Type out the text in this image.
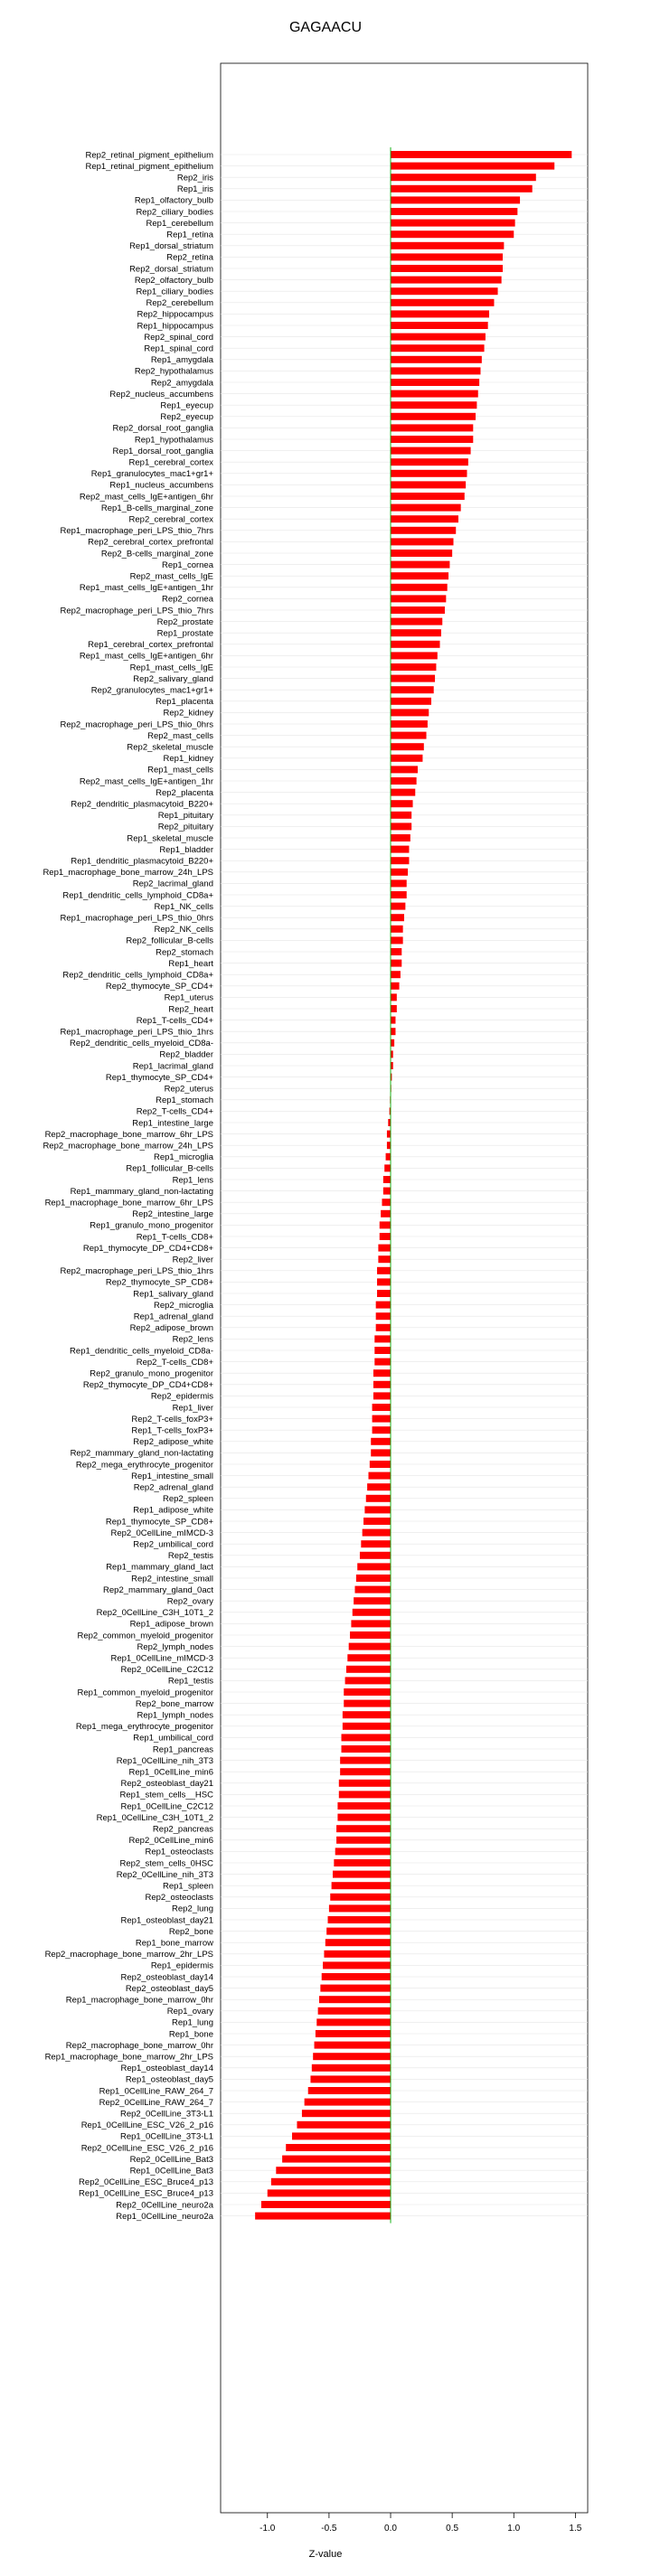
GAGAACU
Rep2_retinal_pigment_epithelium
Rep1_retinal_pigment_epithelium
Rep2_iris
Rep1_iris
Rep1_olfactory_bulb
Rep2_ciliary_bodies
Rep1_cerebellum
Rep1_retina
Rep1_dorsal_striatum
Rep2_retina
Rep2_dorsal_striatum
Rep2_olfactory_bulb
Rep1_ciliary_bodies
Rep2_cerebellum
Rep2_hippocampus
Rep1_hippocampus
Rep2_spinal_cord
Rep1_spinal_cord
Rep1_amygdala
Rep2_hypothalamus
Rep2_amygdala
Rep2_nucleus_accumbens
Rep1_eyecup
Rep2_eyecup
Rep2_dorsal_root_ganglia
Rep1_hypothalamus
Rep1_dorsal_root_ganglia
Rep1_cerebral_cortex
Rep1_granulocytes_mac1+gr1+
Rep1_nucleus_accumbens
Rep2_mast_cells_IgE+antigen_6hr
Rep1_B-cells_marginal_zone
Rep2_cerebral_cortex
Rep1_macrophage_peri_LPS_thio_7hrs
Rep2_cerebral_cortex_prefrontal
Rep2_B-cells_marginal_zone
Rep1_cornea
Rep2_mast_cells_IgE
Rep1_mast_cells_IgE+antigen_1hr
Rep2_cornea
Rep2_macrophage_peri_LPS_thio_7hrs
Rep2_prostate
Rep1_prostate
Rep1_cerebral_cortex_prefrontal
Rep1_mast_cells_IgE+antigen_6hr
Rep1_mast_cells_IgE
Rep2_salivary_gland
Rep2_granulocytes_mac1+gr1+
Rep1_placenta
Rep2_kidney
Rep2_macrophage_peri_LPS_thio_0hrs
Rep2_mast_cells
Rep2_skeletal_muscle
Rep1_kidney
Rep1_mast_cells
Rep2_mast_cells_IgE+antigen_1hr
Rep2_placenta
Rep2_dendritic_plasmacytoid_B220+
Rep1_pituitary
Rep2_pituitary
Rep1_skeletal_muscle
Rep1_bladder
Rep1_dendritic_plasmacytoid_B220+
Rep1_macrophage_bone_marrow_24h_LPS
Rep2_lacrimal_gland
Rep1_dendritic_cells_lymphoid_CD8a+
Rep1_NK_cells
Rep1_macrophage_peri_LPS_thio_0hrs
Rep2_NK_cells
Rep2_follicular_B-cells
Rep2_stomach
Rep1_heart
Rep2_dendritic_cells_lymphoid_CD8a+
Rep2_thymocyte_SP_CD4+
Rep1_uterus
Rep2_heart
Rep1_T-cells_CD4+
Rep1_macrophage_peri_LPS_thio_1hrs
Rep2_dendritic_cells_myeloid_CD8a-
Rep2_bladder
Rep1_lacrimal_gland
Rep1_thymocyte_SP_CD4+
Rep2_uterus
Rep1_stomach
Rep2_T-cells_CD4+
Rep1_intestine_large
Rep2_macrophage_bone_marrow_6hr_LPS
Rep2_macrophage_bone_marrow_24h_LPS
Rep1_microglia
Rep1_follicular_B-cells
Rep1_lens
Rep1_mammary_gland_non-lactating
Rep1_macrophage_bone_marrow_6hr_LPS
Rep2_intestine_large
Rep1_granulo_mono_progenitor
Rep1_T-cells_CD8+
Rep1_thymocyte_DP_CD4+CD8+
Rep2_liver
Rep2_macrophage_peri_LPS_thio_1hrs
Rep2_thymocyte_SP_CD8+
Rep1_salivary_gland
Rep2_microglia
Rep1_adrenal_gland
Rep2_adipose_brown
Rep2_lens
Rep1_dendritic_cells_myeloid_CD8a-
Rep2_T-cells_CD8+
Rep2_granulo_mono_progenitor
Rep2_thymocyte_DP_CD4+CD8+
Rep2_epidermis
Rep1_liver
Rep2_T-cells_foxP3+
Rep1_T-cells_foxP3+
Rep2_adipose_white
Rep2_mammary_gland_non-lactating
Rep2_mega_erythrocyte_progenitor
Rep1_intestine_small
Rep2_adrenal_gland
Rep2_spleen
Rep1_adipose_white
Rep1_thymocyte_SP_CD8+
Rep2_0CellLine_mIMCD-3
Rep2_umbilical_cord
Rep2_testis
Rep1_mammary_gland_lact
Rep2_intestine_small
Rep2_mammary_gland_0act
Rep2_ovary
Rep2_0CellLine_C3H_10T1_2
Rep1_adipose_brown
Rep2_common_myeloid_progenitor
Rep2_lymph_nodes
Rep1_0CellLine_mIMCD-3
Rep2_0CellLine_C2C12
Rep1_testis
Rep1_common_myeloid_progenitor
Rep2_bone_marrow
Rep1_lymph_nodes
Rep1_mega_erythrocyte_progenitor
Rep1_umbilical_cord
Rep1_pancreas
Rep1_0CellLine_nih_3T3
Rep1_0CellLine_min6
Rep2_osteoblast_day21
Rep1_stem_cells__HSC
Rep1_0CellLine_C2C12
Rep1_0CellLine_C3H_10T1_2
Rep2_pancreas
Rep2_0CellLine_min6
Rep1_osteoclasts
Rep2_stem_cells_0HSC
Rep2_0CellLine_nih_3T3
Rep1_spleen
Rep2_osteoclasts
Rep2_lung
Rep1_osteoblast_day21
Rep2_bone
Rep1_bone_marrow
Rep2_macrophage_bone_marrow_2hr_LPS
Rep1_epidermis
Rep2_osteoblast_day14
Rep2_osteoblast_day5
Rep1_macrophage_bone_marrow_0hr
Rep1_ovary
Rep1_lung
Rep1_bone
Rep2_macrophage_bone_marrow_0hr
Rep1_macrophage_bone_marrow_2hr_LPS
Rep1_osteoblast_day14
Rep1_osteoblast_day5
Rep1_0CellLine_RAW_264_7
Rep2_0CellLine_RAW_264_7
Rep2_0CellLine_3T3-L1
Rep1_0CellLine_ESC_V26_2_p16
Rep1_0CellLine_3T3-L1
Rep2_0CellLine_ESC_V26_2_p16
Rep2_0CellLine_Bat3
Rep1_0CellLine_Bat3
Rep2_0CellLine_ESC_Bruce4_p13
Rep1_0CellLine_ESC_Bruce4_p13
Rep2_0CellLine_neuro2a
Rep1_0CellLine_neuro2a
-1.0	-0.5	0.0	0.5	1.0	1.5
Z-value
